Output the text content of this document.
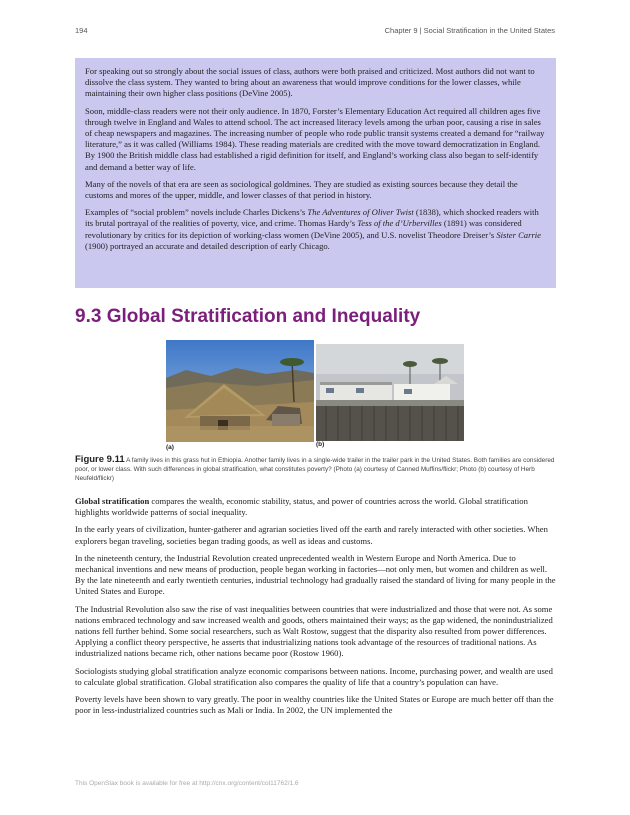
194	Chapter 9 | Social Stratification in the United States

For speaking out so strongly about the social issues of class, authors were both praised and criticized. Most authors did not want to dissolve the class system. They wanted to bring about an awareness that would improve conditions for the lower classes, while maintaining their own higher class positions (DeVine 2005).

Soon, middle-class readers were not their only audience. In 1870, Forster’s Elementary Education Act required all children ages five through twelve in England and Wales to attend school. The act increased literacy levels among the urban poor, causing a rise in sales of cheap newspapers and magazines. The increasing number of people who rode public transit systems created a demand for “railway literature,” as it was called (Williams 1984). These reading materials are credited with the move toward democratization in England. By 1900 the British middle class had established a rigid definition for itself, and England’s working class also began to self-identify and demand a better way of life.

Many of the novels of that era are seen as sociological goldmines. They are studied as existing sources because they detail the customs and mores of the upper, middle, and lower classes of that period in history.

Examples of “social problem” novels include Charles Dickens’s The Adventures of Oliver Twist (1838), which shocked readers with its brutal portrayal of the realities of poverty, vice, and crime. Thomas Hardy’s Tess of the d’Urbervilles (1891) was considered revolutionary by critics for its depiction of working-class women (DeVine 2005), and U.S. novelist Theodore Dreiser’s Sister Carrie (1900) portrayed an accurate and detailed description of early Chicago.

9.3 Global Stratification and Inequality
(a)	(b)

Figure 9.11 A family lives in this grass hut in Ethiopia. Another family lives in a single-wide trailer in the trailer park in the United States. Both families are considered poor, or lower class. With such differences in global stratification, what constitutes poverty? (Photo (a) courtesy of Canned Muffins/flickr; Photo (b) courtesy of Herb Neufeld/flickr)

Global stratification compares the wealth, economic stability, status, and power of countries across the world. Global stratification highlights worldwide patterns of social inequality.

In the early years of civilization, hunter-gatherer and agrarian societies lived off the earth and rarely interacted with other societies. When explorers began traveling, societies began trading goods, as well as ideas and customs.

In the nineteenth century, the Industrial Revolution created unprecedented wealth in Western Europe and North America. Due to mechanical inventions and new means of production, people began working in factories—not only men, but women and children as well. By the late nineteenth and early twentieth centuries, industrial technology had gradually raised the standard of living for many people in the United States and Europe.

The Industrial Revolution also saw the rise of vast inequalities between countries that were industrialized and those that were not. As some nations embraced technology and saw increased wealth and goods, others maintained their ways; as the gap widened, the nonindustrialized nations fell further behind. Some social researchers, such as Walt Rostow, suggest that the disparity also resulted from power differences. Applying a conflict theory perspective, he asserts that industrializing nations took advantage of the resources of traditional nations. As industrialized nations became rich, other nations became poor (Rostow 1960).

Sociologists studying global stratification analyze economic comparisons between nations. Income, purchasing power, and wealth are used to calculate global stratification. Global stratification also compares the quality of life that a country’s population can have.

Poverty levels have been shown to vary greatly. The poor in wealthy countries like the United States or Europe are much better off than the poor in less-industrialized countries such as Mali or India. In 2002, the UN implemented the

This OpenStax book is available for free at http://cnx.org/content/col11762/1.6
